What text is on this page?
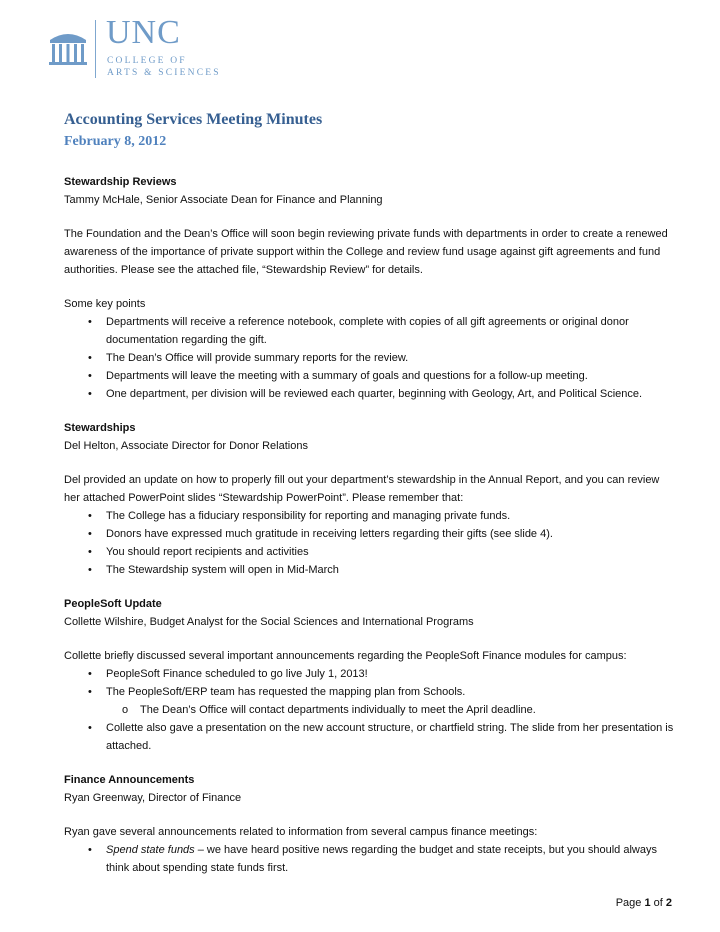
UNC
COLLEGE OF
ARTS & SCIENCES

Accounting Services Meeting Minutes

February 8, 2012

Stewardship Reviews

Tammy McHale, Senior Associate Dean for Finance and Planning

The Foundation and the Dean’s Office will soon begin reviewing private funds with departments in order to create a renewed awareness of the importance of private support within the College and review fund usage against gift agreements and fund authorities. Please see the attached file, “Stewardship Review” for details.

Some key points

• Departments will receive a reference notebook, complete with copies of all gift agreements or original donor documentation regarding the gift.
• The Dean’s Office will provide summary reports for the review.
• Departments will leave the meeting with a summary of goals and questions for a follow-up meeting.
• One department, per division will be reviewed each quarter, beginning with Geology, Art, and Political Science.

Stewardships

Del Helton, Associate Director for Donor Relations

Del provided an update on how to properly fill out your department’s stewardship in the Annual Report, and you can review her attached PowerPoint slides “Stewardship PowerPoint”. Please remember that:

• The College has a fiduciary responsibility for reporting and managing private funds.
• Donors have expressed much gratitude in receiving letters regarding their gifts (see slide 4).
• You should report recipients and activities
• The Stewardship system will open in Mid-March

PeopleSoft Update

Collette Wilshire, Budget Analyst for the Social Sciences and International Programs

Collette briefly discussed several important announcements regarding the PeopleSoft Finance modules for campus:

• PeopleSoft Finance scheduled to go live July 1, 2013!
• The PeopleSoft/ERP team has requested the mapping plan from Schools.
o The Dean’s Office will contact departments individually to meet the April deadline.
• Collette also gave a presentation on the new account structure, or chartfield string. The slide from her presentation is attached.

Finance Announcements

Ryan Greenway, Director of Finance

Ryan gave several announcements related to information from several campus finance meetings:

• Spend state funds – we have heard positive news regarding the budget and state receipts, but you should always think about spending state funds first.
Page 1 of 2
